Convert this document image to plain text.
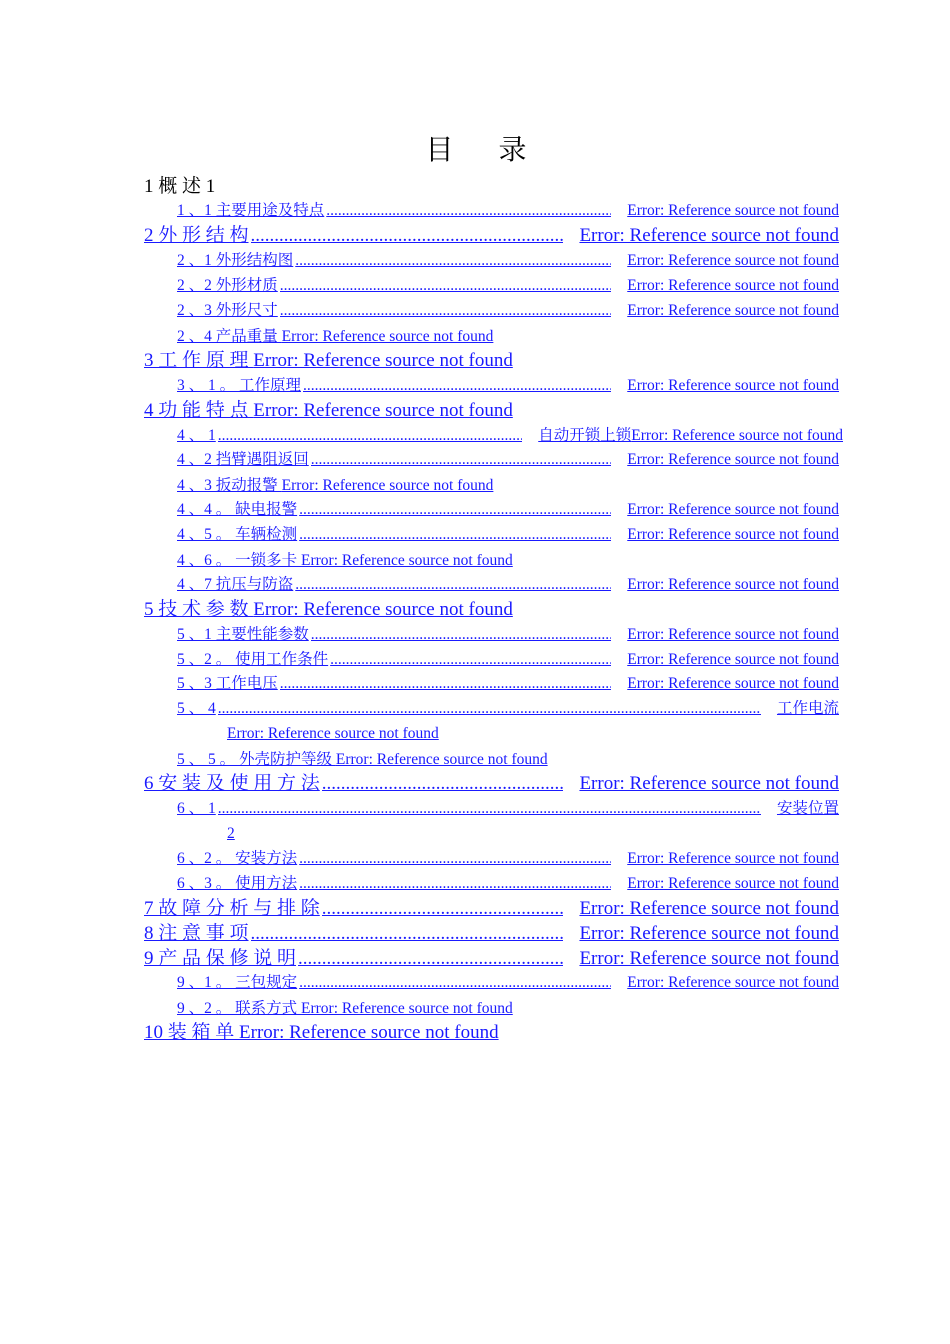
目 录
1 概 述 1
1 、1 主要用途及特点 .....	Error: Reference source not found
2 外 形 结 构 .....	Error: Reference source not found
2 、1 外形结构图 .....	Error: Reference source not found
2 、2 外形材质 .....	Error: Reference source not found
2 、3 外形尺寸 .....	Error: Reference source not found
2 、4 产品重量 Error: Reference source not found
3 工 作 原 理 Error: Reference source not found
3 、 1 。 工作原理 .....	Error: Reference source not found
4 功 能 特 点 Error: Reference source not found
4 、 1 .....	自动开锁上锁 Error: Reference source not found
4 、2 挡臂遇阻返回 .....	Error: Reference source not found
4 、3 扳动报警 Error: Reference source not found
4 、4 。 缺电报警 .....	Error: Reference source not found
4 、5 。 车辆检测 .....	Error: Reference source not found
4 、6 。 一锁多卡 Error: Reference source not found
4 、7 抗压与防盗 .....	Error: Reference source not found
5 技 术 参 数 Error: Reference source not found
5 、1 主要性能参数 .....	Error: Reference source not found
5 、2 。 使用工作条件 .....	Error: Reference source not found
5 、3 工作电压 .....	Error: Reference source not found
5 、 4 .....	工作电流
Error: Reference source not found
5 、 5 。 外壳防护等级 Error: Reference source not found
6 安 装 及 使 用 方 法 .....	Error: Reference source not found
6 、 1 .....	安装位置
2
6 、2 。 安装方法 .....	Error: Reference source not found
6 、3 。 使用方法 .....	Error: Reference source not found
7 故 障 分 析 与 排 除 .....	Error: Reference source not found
8 注 意 事 项 .....	Error: Reference source not found
9 产 品 保 修 说 明 .....	Error: Reference source not found
9 、1 。 三包规定 .....	Error: Reference source not found
9 、2 。 联系方式 Error: Reference source not found
10 装 箱 单 Error: Reference source not found
